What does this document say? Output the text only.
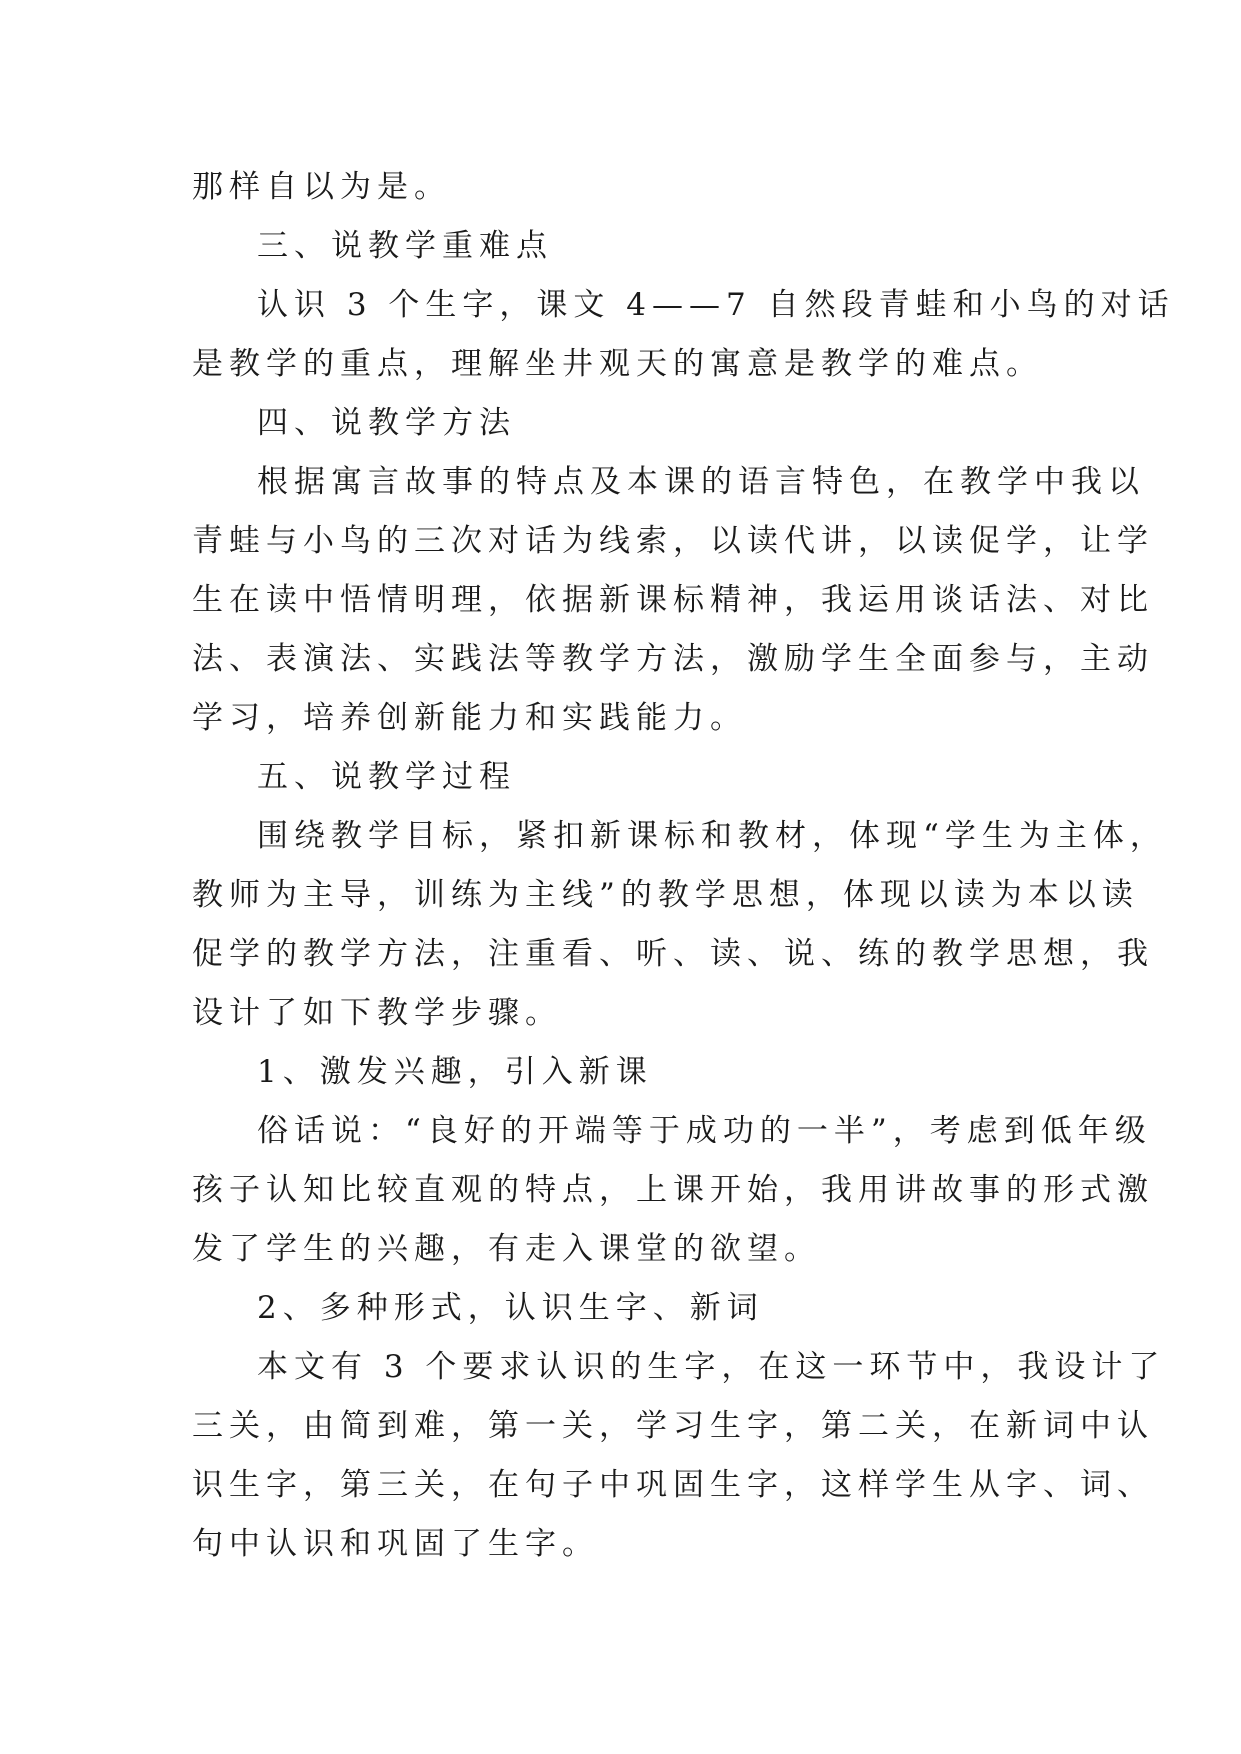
那样自以为是。
三、说教学重难点
认识 3 个生字，课文 4——7 自然段青蛙和小鸟的对话
是教学的重点，理解坐井观天的寓意是教学的难点。
四、说教学方法
根据寓言故事的特点及本课的语言特色，在教学中我以
青蛙与小鸟的三次对话为线索，以读代讲，以读促学，让学
生在读中悟情明理，依据新课标精神，我运用谈话法、对比
法、表演法、实践法等教学方法，激励学生全面参与，主动
学习，培养创新能力和实践能力。
五、说教学过程
围绕教学目标，紧扣新课标和教材，体现“学生为主体，
教师为主导，训练为主线”的教学思想，体现以读为本以读
促学的教学方法，注重看、听、读、说、练的教学思想，我
设计了如下教学步骤。
1、激发兴趣，引入新课
俗话说：“良好的开端等于成功的一半”，考虑到低年级
孩子认知比较直观的特点，上课开始，我用讲故事的形式激
发了学生的兴趣，有走入课堂的欲望。
2、多种形式，认识生字、新词
本文有 3 个要求认识的生字，在这一环节中，我设计了
三关，由简到难，第一关，学习生字，第二关，在新词中认
识生字，第三关，在句子中巩固生字，这样学生从字、词、
句中认识和巩固了生字。
